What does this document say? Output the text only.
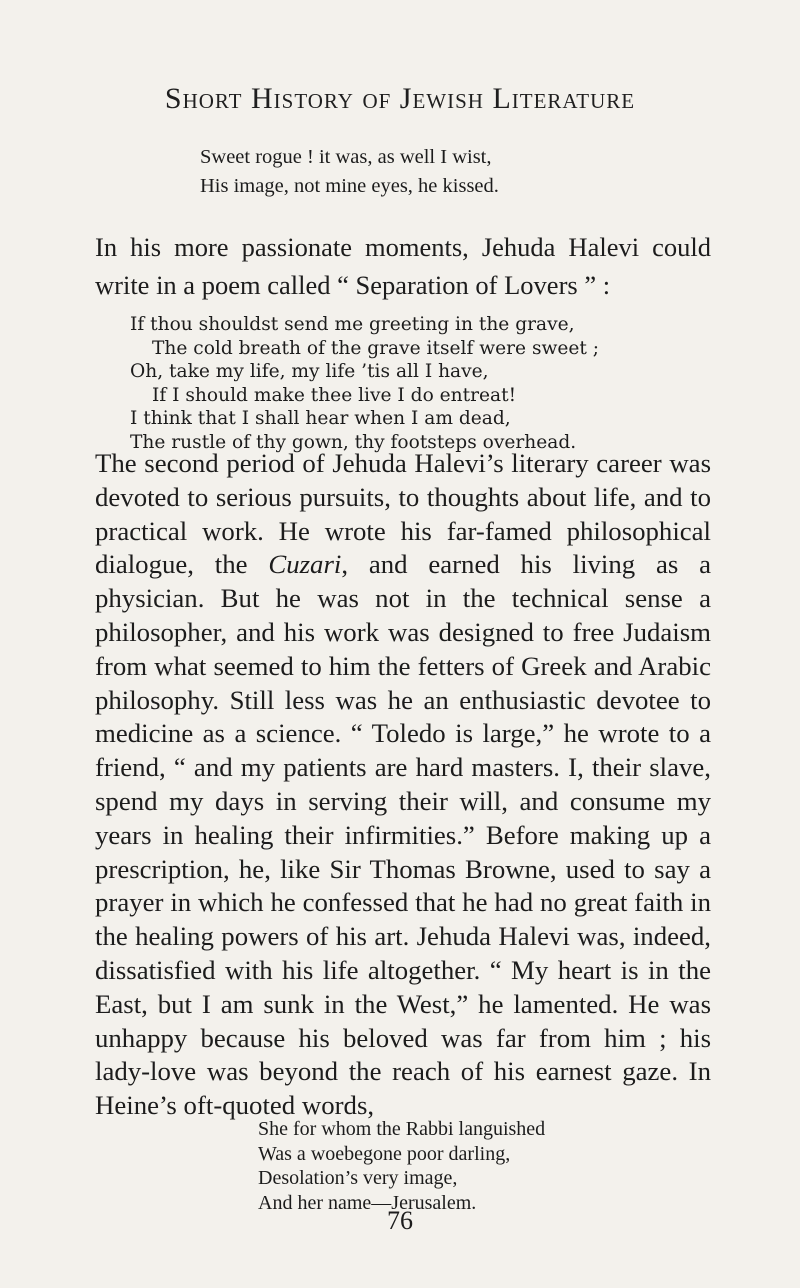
Short History of Jewish Literature
Sweet rogue ! it was, as well I wist,
His image, not mine eyes, he kissed.
In his more passionate moments, Jehuda Halevi could
write in a poem called “ Separation of Lovers ” :
If thou shouldst send me greeting in the grave,
The cold breath of the grave itself were sweet ;
Oh, take my life, my life ’tis all I have,
If I should make thee live I do entreat!
I think that I shall hear when I am dead,
The rustle of thy gown, thy footsteps overhead.

The second period of Jehuda Halevi’s literary career was devoted to serious pursuits, to thoughts about life, and to practical work. He wrote his far-famed philosophical dialogue, the Cuzari, and earned his living as a physician. But he was not in the technical sense a philosopher, and his work was designed to free Judaism from what seemed to him the fetters of Greek and Arabic philosophy. Still less was he an enthusiastic devotee to medicine as a science. “ Toledo is large,” he wrote to a friend, “ and my patients are hard masters. I, their slave, spend my days in serving their will, and consume my years in healing their infirmities.” Before making up a prescription, he, like Sir Thomas Browne, used to say a prayer in which he confessed that he had no great faith in the healing powers of his art. Jehuda Halevi was, indeed, dissatisfied with his life altogether. “ My heart is in the East, but I am sunk in the West,” he lamented. He was unhappy because his beloved was far from him ; his lady-love was beyond the reach of his earnest gaze. In Heine’s oft-quoted words,

She for whom the Rabbi languished
Was a woebegone poor darling,
Desolation’s very image,
And her name—Jerusalem.
76
